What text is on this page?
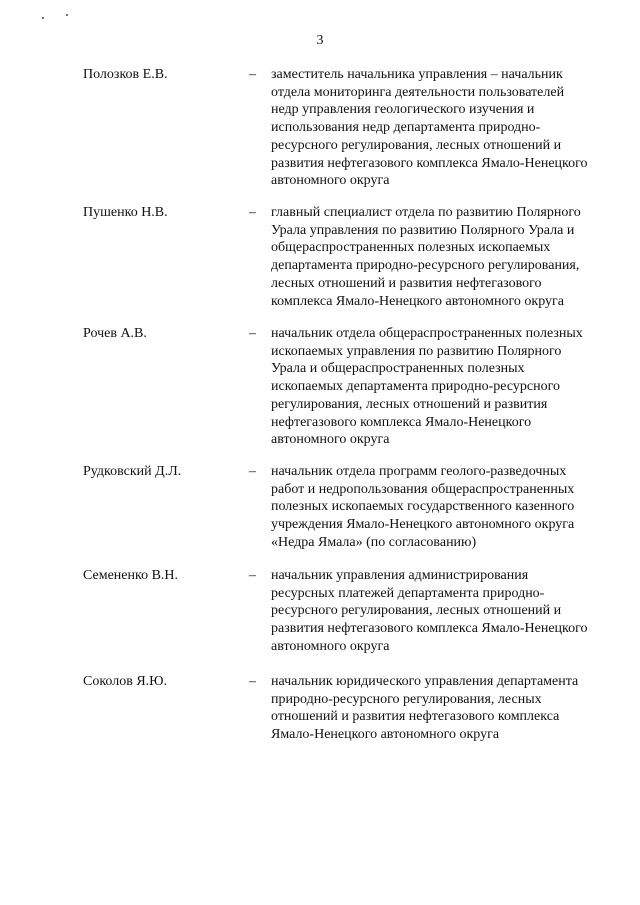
3
Полозков Е.В.	– заместитель начальника управления – начальник
отдела мониторинга деятельности пользователей
недр управления геологического изучения и
использования недр департамента природно-
ресурсного регулирования, лесных отношений и
развития нефтегазового комплекса Ямало-Ненецкого
автономного округа
Пушенко Н.В.	– главный специалист отдела по развитию Полярного
Урала управления по развитию Полярного Урала и
общераспространенных полезных ископаемых
департамента природно-ресурсного регулирования,
лесных отношений и развития нефтегазового
комплекса Ямало-Ненецкого автономного округа
Рочев А.В.	– начальник отдела общераспространенных полезных
ископаемых управления по развитию Полярного
Урала и общераспространенных полезных
ископаемых департамента природно-ресурсного
регулирования, лесных отношений и развития
нефтегазового комплекса Ямало-Ненецкого
автономного округа
Рудковский Д.Л.	– начальник отдела программ геолого-разведочных
работ и недропользования общераспространенных
полезных ископаемых государственного казенного
учреждения Ямало-Ненецкого автономного округа
«Недра Ямала» (по согласованию)
Семененко В.Н.	– начальник управления администрирования
ресурсных платежей департамента природно-
ресурсного регулирования, лесных отношений и
развития нефтегазового комплекса Ямало-Ненецкого
автономного округа
Соколов Я.Ю.	– начальник юридического управления департамента
природно-ресурсного регулирования, лесных
отношений и развития нефтегазового комплекса
Ямало-Ненецкого автономного округа
